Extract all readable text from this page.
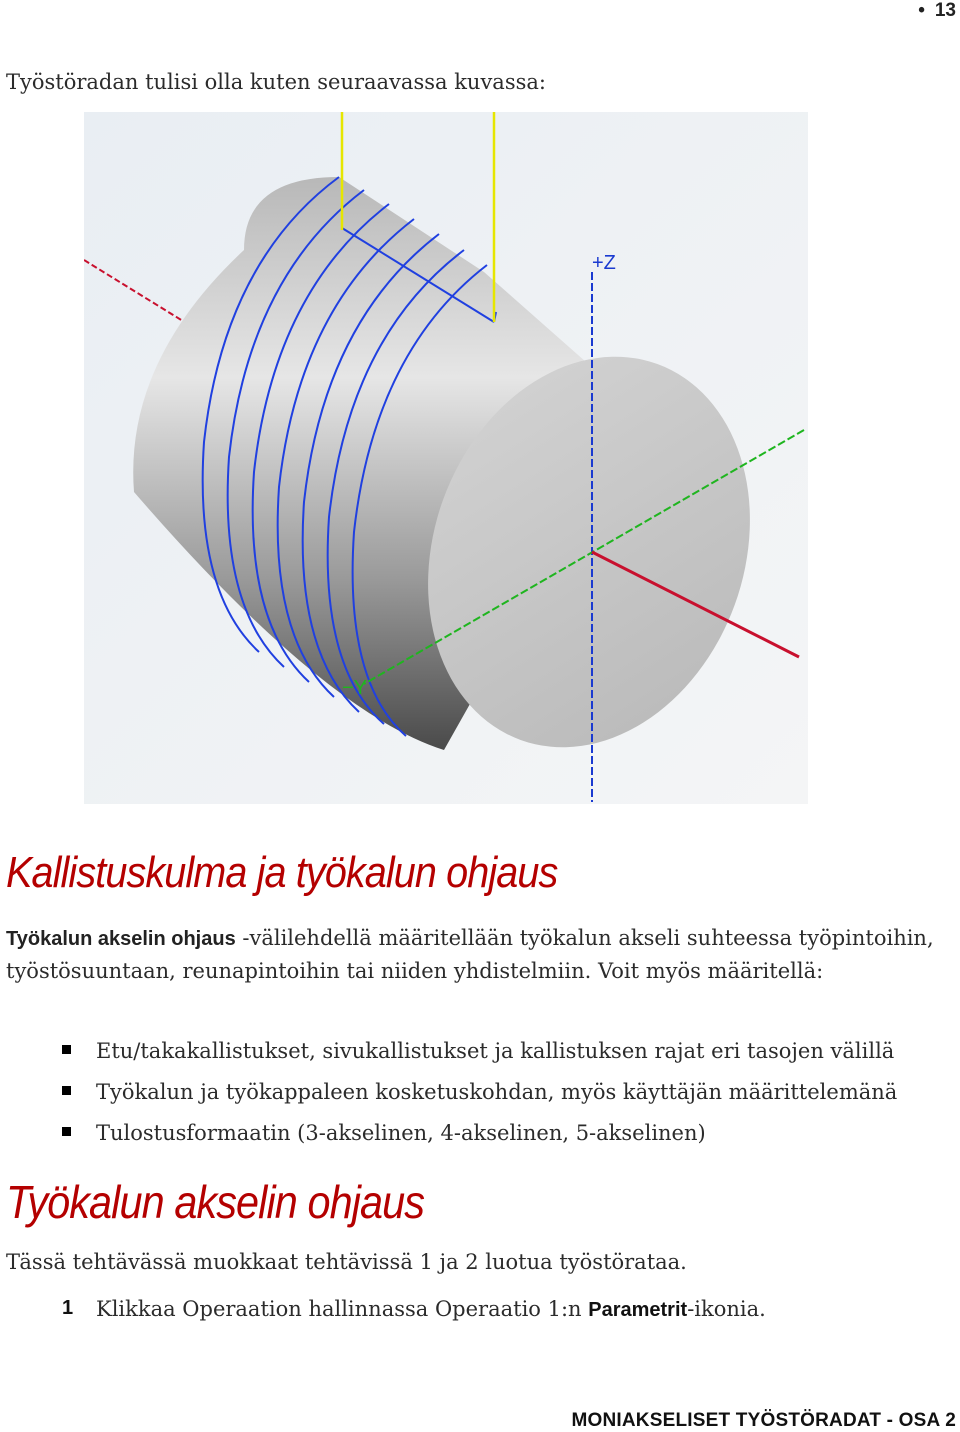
• 13
Työstöradan tulisi olla kuten seuraavassa kuvassa:
+Z
−Y
Kallistuskulma ja työkalun ohjaus

Työkalun akselin ohjaus -välilehdellä määritellään työkalun akseli suhteessa työpintoihin, työstösuuntaan, reunapintoihin tai niiden yhdistelmiin. Voit myös määritellä:

Etu/takakallistukset, sivukallistukset ja kallistuksen rajat eri tasojen välillä
Työkalun ja työkappaleen kosketuskohdan, myös käyttäjän määrittelemänä
Tulostusformaatin (3-akselinen, 4-akselinen, 5-akselinen)
Työkalun akselin ohjaus
Tässä tehtävässä muokkaat tehtävissä 1 ja 2 luotua työstörataa.
1 Klikkaa Operaation hallinnassa Operaatio 1:n Parametrit-ikonia.
MONIAKSELISET TYÖSTÖRADAT - OSA 2
